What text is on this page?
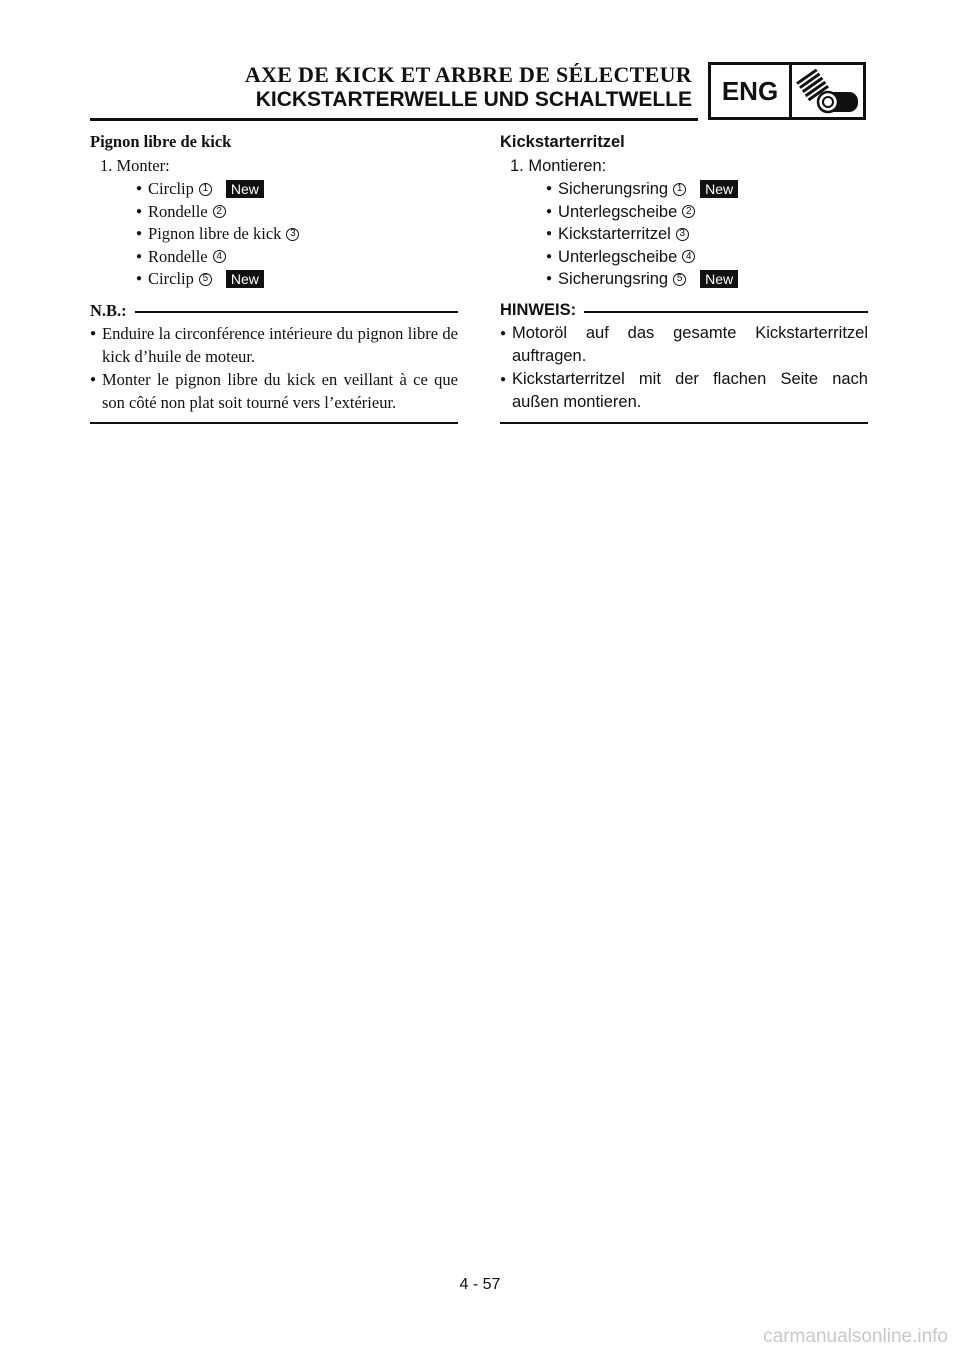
AXE DE KICK ET ARBRE DE SÉLECTEUR
KICKSTARTERWELLE UND SCHALTWELLE	ENG
Pignon libre de kick
1. Monter:
● Circlip 1	New
● Rondelle 2
● Pignon libre de kick 3
● Rondelle 4
● Circlip 5	New
N.B.:
● Enduire la circonférence intérieure du pignon libre de kick d’huile de moteur.
● Monter le pignon libre du kick en veillant à ce que son côté non plat soit tourné vers l’extérieur.
Kickstarterritzel
1. Montieren:
● Sicherungsring 1	New
● Unterlegscheibe 2
● Kickstarterritzel 3
● Unterlegscheibe 4
● Sicherungsring 5	New
HINWEIS:
● Motoröl auf das gesamte Kickstarterritzel auftragen.
● Kickstarterritzel mit der flachen Seite nach außen montieren.
4 - 57
carmanualsonline.info
